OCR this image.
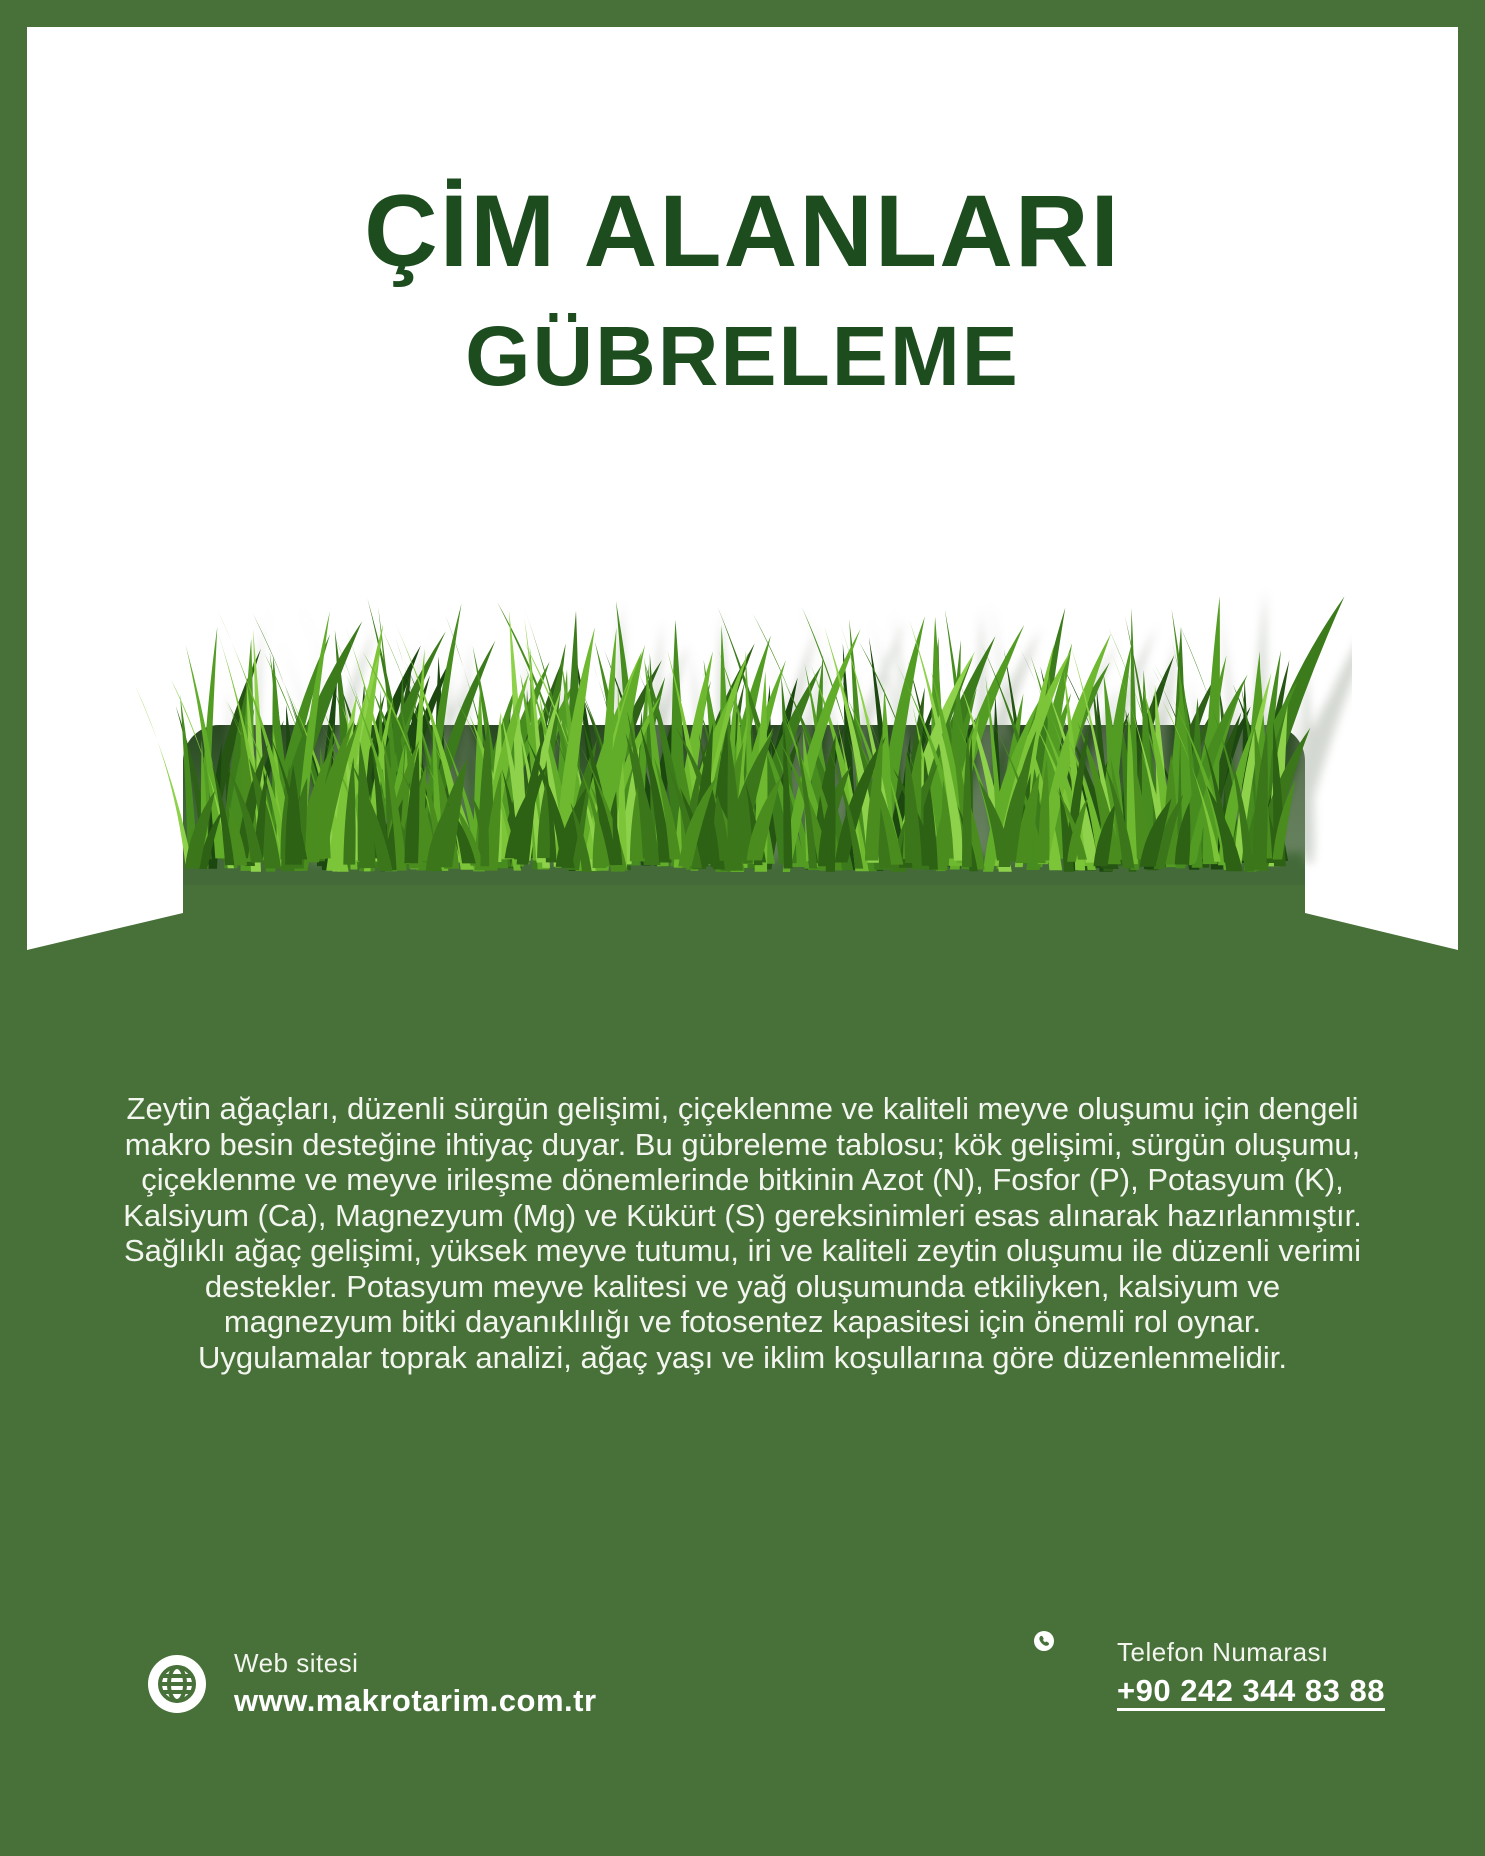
ÇİM ALANLARI
GÜBRELEME

Zeytin ağaçları, düzenli sürgün gelişimi, çiçeklenme ve kaliteli meyve oluşumu için dengeli makro besin desteğine ihtiyaç duyar. Bu gübreleme tablosu; kök gelişimi, sürgün oluşumu, çiçeklenme ve meyve irileşme dönemlerinde bitkinin Azot (N), Fosfor (P), Potasyum (K), Kalsiyum (Ca), Magnezyum (Mg) ve Kükürt (S) gereksinimleri esas alınarak hazırlanmıştır.

Sağlıklı ağaç gelişimi, yüksek meyve tutumu, iri ve kaliteli zeytin oluşumu ile düzenli verimi destekler. Potasyum meyve kalitesi ve yağ oluşumunda etkiliyken, kalsiyum ve magnezyum bitki dayanıklılığı ve fotosentez kapasitesi için önemli rol oynar.

Uygulamalar toprak analizi, ağaç yaşı ve iklim koşullarına göre düzenlenmelidir.

Web sitesi
www.makrotarim.com.tr
Telefon Numarası
+90 242 344 83 88
